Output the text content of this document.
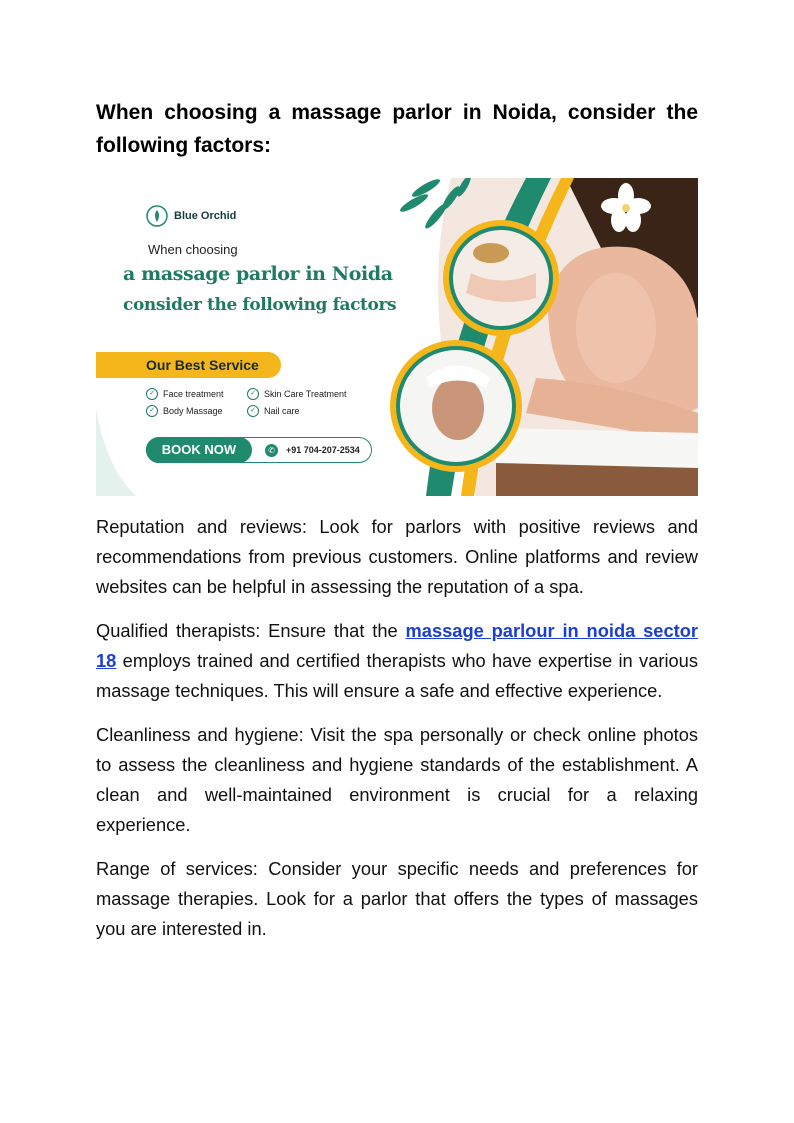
When choosing a massage parlor in Noida, consider the following factors:
Blue Orchid
When choosing
a massage parlor in Noida
consider the following factors
Our Best Service
✓ Face treatment	✓ Skin Care Treatment
✓ Body Massage	✓ Nail care
BOOK NOW	✆	+91 704-207-2534

Reputation and reviews: Look for parlors with positive reviews and recommendations from previous customers. Online platforms and review websites can be helpful in assessing the reputation of a spa.

Qualified therapists: Ensure that the massage parlour in noida sector 18 employs trained and certified therapists who have expertise in various massage techniques. This will ensure a safe and effective experience.

Cleanliness and hygiene: Visit the spa personally or check online photos to assess the cleanliness and hygiene standards of the establishment. A clean and well-maintained environment is crucial for a relaxing experience.

Range of services: Consider your specific needs and preferences for massage therapies. Look for a parlor that offers the types of massages you are interested in.
